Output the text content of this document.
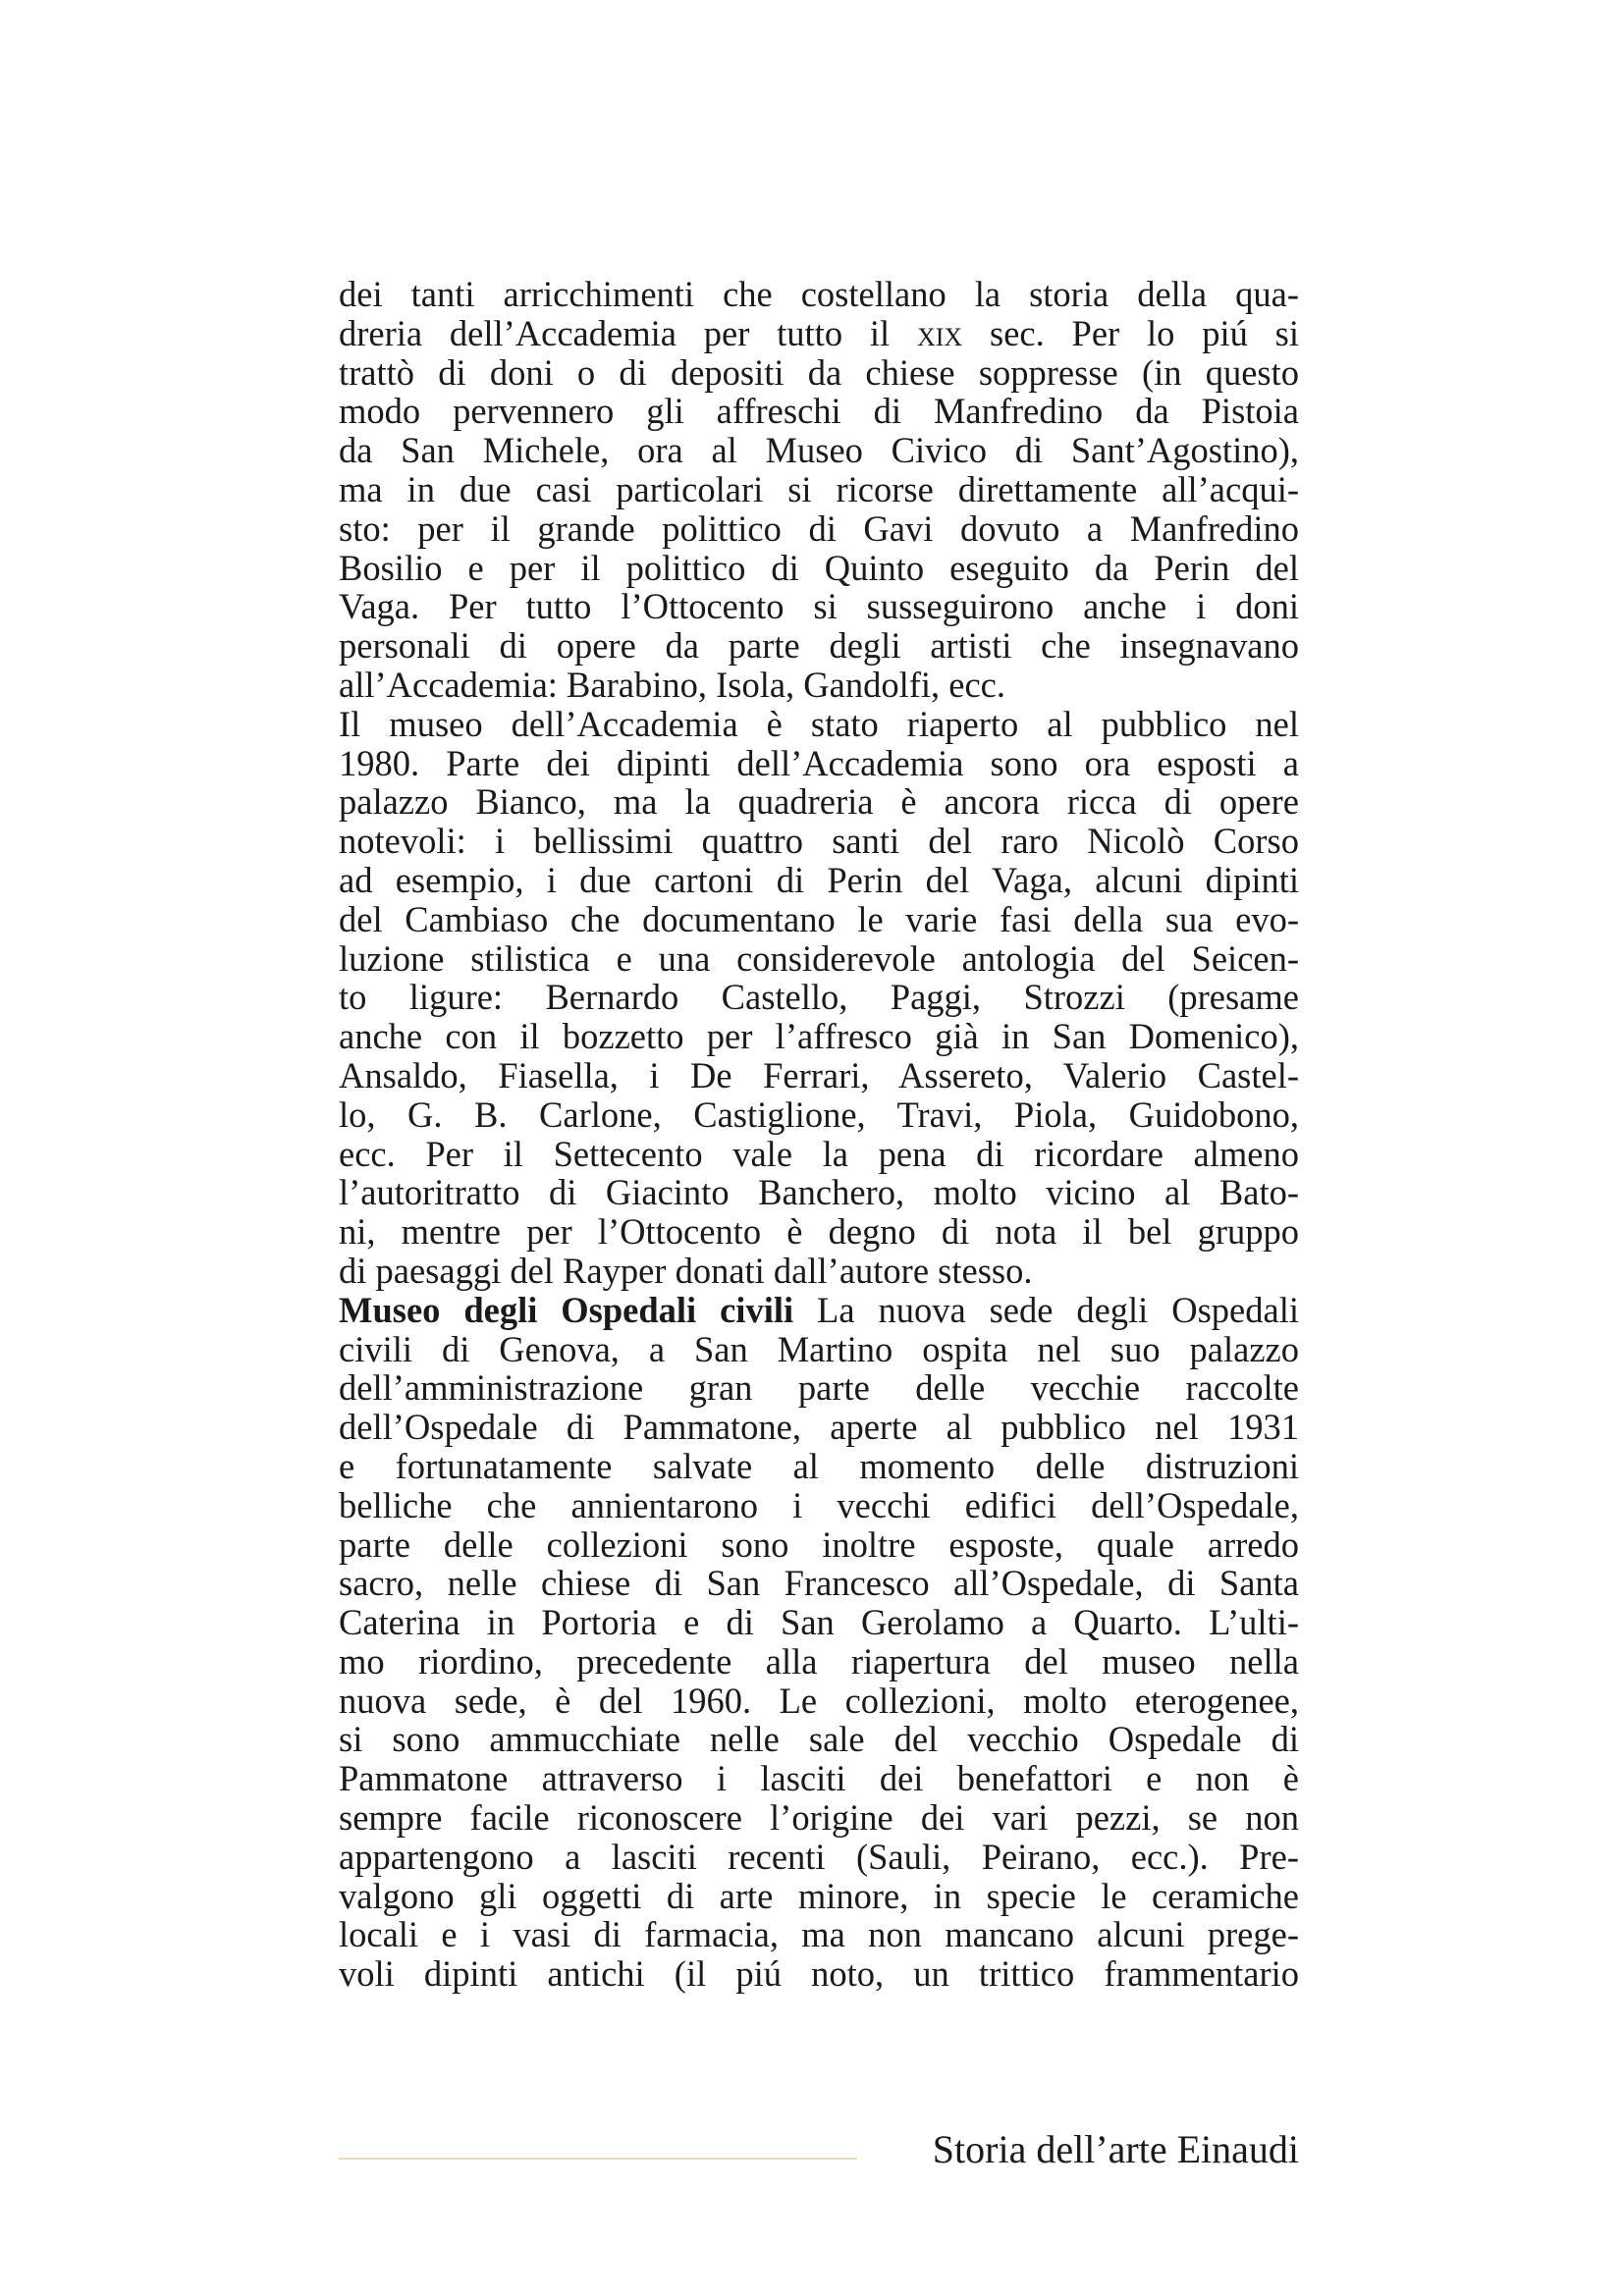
dei tanti arricchimenti che costellano la storia della qua-
dreria dell’Accademia per tutto il xix sec. Per lo piú si
trattò di doni o di depositi da chiese soppresse (in questo
modo pervennero gli affreschi di Manfredino da Pistoia
da San Michele, ora al Museo Civico di Sant’Agostino),
ma in due casi particolari si ricorse direttamente all’acqui-
sto: per il grande polittico di Gavi dovuto a Manfredino
Bosilio e per il polittico di Quinto eseguito da Perin del
Vaga. Per tutto l’Ottocento si susseguirono anche i doni
personali di opere da parte degli artisti che insegnavano
all’Accademia: Barabino, Isola, Gandolfi, ecc.

Il museo dell’Accademia è stato riaperto al pubblico nel
1980. Parte dei dipinti dell’Accademia sono ora esposti a
palazzo Bianco, ma la quadreria è ancora ricca di opere
notevoli: i bellissimi quattro santi del raro Nicolò Corso
ad esempio, i due cartoni di Perin del Vaga, alcuni dipinti
del Cambiaso che documentano le varie fasi della sua evo-
luzione stilistica e una considerevole antologia del Seicen-
to ligure: Bernardo Castello, Paggi, Strozzi (presame
anche con il bozzetto per l’affresco già in San Domenico),
Ansaldo, Fiasella, i De Ferrari, Assereto, Valerio Castel-
lo, G. B. Carlone, Castiglione, Travi, Piola, Guidobono,
ecc. Per il Settecento vale la pena di ricordare almeno
l’autoritratto di Giacinto Banchero, molto vicino al Bato-
ni, mentre per l’Ottocento è degno di nota il bel gruppo
di paesaggi del Rayper donati dall’autore stesso.

Museo degli Ospedali civili La nuova sede degli Ospedali
civili di Genova, a San Martino ospita nel suo palazzo
dell’amministrazione gran parte delle vecchie raccolte
dell’Ospedale di Pammatone, aperte al pubblico nel 1931
e fortunatamente salvate al momento delle distruzioni
belliche che annientarono i vecchi edifici dell’Ospedale,
parte delle collezioni sono inoltre esposte, quale arredo
sacro, nelle chiese di San Francesco all’Ospedale, di Santa
Caterina in Portoria e di San Gerolamo a Quarto. L’ulti-
mo riordino, precedente alla riapertura del museo nella
nuova sede, è del 1960. Le collezioni, molto eterogenee,
si sono ammucchiate nelle sale del vecchio Ospedale di
Pammatone attraverso i lasciti dei benefattori e non è
sempre facile riconoscere l’origine dei vari pezzi, se non
appartengono a lasciti recenti (Sauli, Peirano, ecc.). Pre-
valgono gli oggetti di arte minore, in specie le ceramiche
locali e i vasi di farmacia, ma non mancano alcuni prege-
voli dipinti antichi (il piú noto, un trittico frammentario

Storia dell’arte Einaudi
